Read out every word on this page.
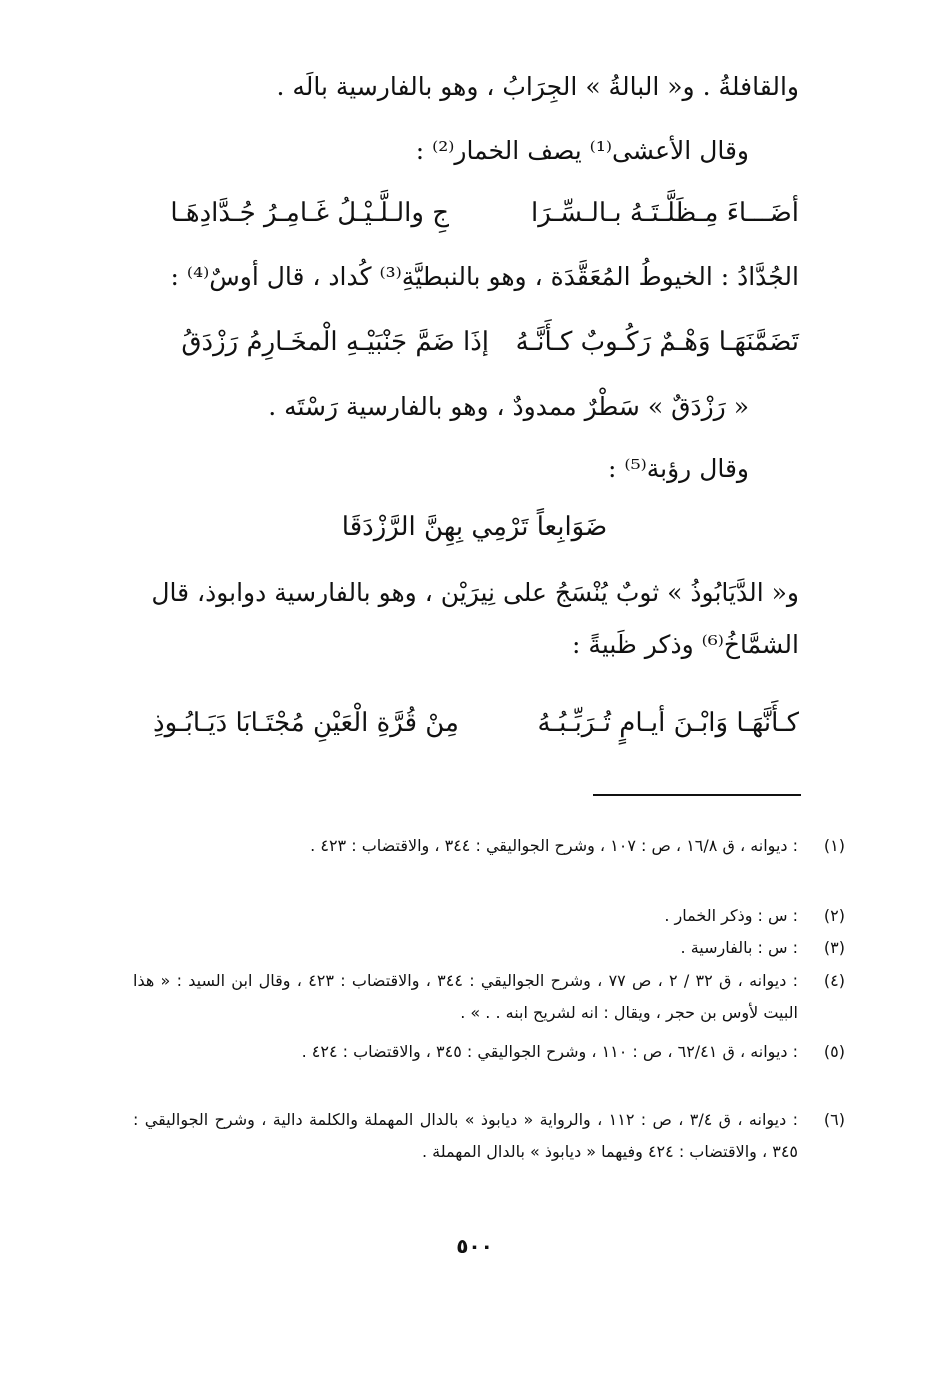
والقافلةُ . و« البالةُ » الجِرَابُ ، وهو بالفارسية بالَه .
وقال الأعشى⁽¹⁾ يصف الخمار⁽²⁾ :
أضَـــاءَ مِـظَلَّـتَـهُ بـالـسِّـرَا
جِ والـلَّـيْـلُ غَـامِـرُ جُـدَّادِهَـا
الجُدَّادُ : الخيوطُ المُعَقَّدَة ، وهو بالنبطيَّةِ⁽³⁾ كُداد ، قال أوسٌ⁽⁴⁾ :
تَضَمَّنَهَـا وَهْـمٌ رَكُـوبٌ كـأَنَّـهُ
إذَا ضَمَّ جَنْبَيْـهِ الْمخَـارِمُ رَزْدَقُ
« رَزْدَقٌ » سَطْرٌ ممدودٌ ، وهو بالفارسية رَسْتَه .
وقال رؤبة⁽⁵⁾ :
ضَوَابِعاً تَرْمِي بِهِنَّ الرَّزْدَقَا
و« الدَّيَابُوذُ » ثوبٌ يُنْسَجُ على نِيرَيْن ، وهو بالفارسية دوابوذ، قال
الشمَّاخُ⁽⁶⁾ وذكر ظَبيةً :
كـأَنَّهَـا وَابْـنَ أيـامٍ تُـرَبِّـبُـهُ
مِنْ قُرَّةِ الْعَيْنِ مُجْتَـابَا دَيَـابُـوذِ
(١)
: ديوانه ، ق ١٦/٨ ، ص : ١٠٧ ، وشرح الجواليقي : ٣٤٤ ، والاقتضاب : ٤٢٣ .
(٢)
: س : وذكر الخمار .
(٣)
: س : بالفارسية .
(٤)
: ديوانه ، ق ٣٢ / ٢ ، ص ٧٧ ، وشرح الجواليقي : ٣٤٤ ، والاقتضاب : ٤٢٣ ، وقال ابن السيد : « هذا البيت لأوس بن حجر ، ويقال : انه لشريح ابنه . . » .
(٥)
: ديوانه ، ق ٦٢/٤١ ، ص : ١١٠ ، وشرح الجواليقي : ٣٤٥ ، والاقتضاب : ٤٢٤ .
(٦)
: ديوانه ، ق ٣/٤ ، ص : ١١٢ ، والرواية « ديابوذ » بالدال المهملة والكلمة دالية ، وشرح الجواليقي : ٣٤٥ ، والاقتضاب : ٤٢٤ وفيهما « ديابوذ » بالدال المهملة .
٥٠٠
